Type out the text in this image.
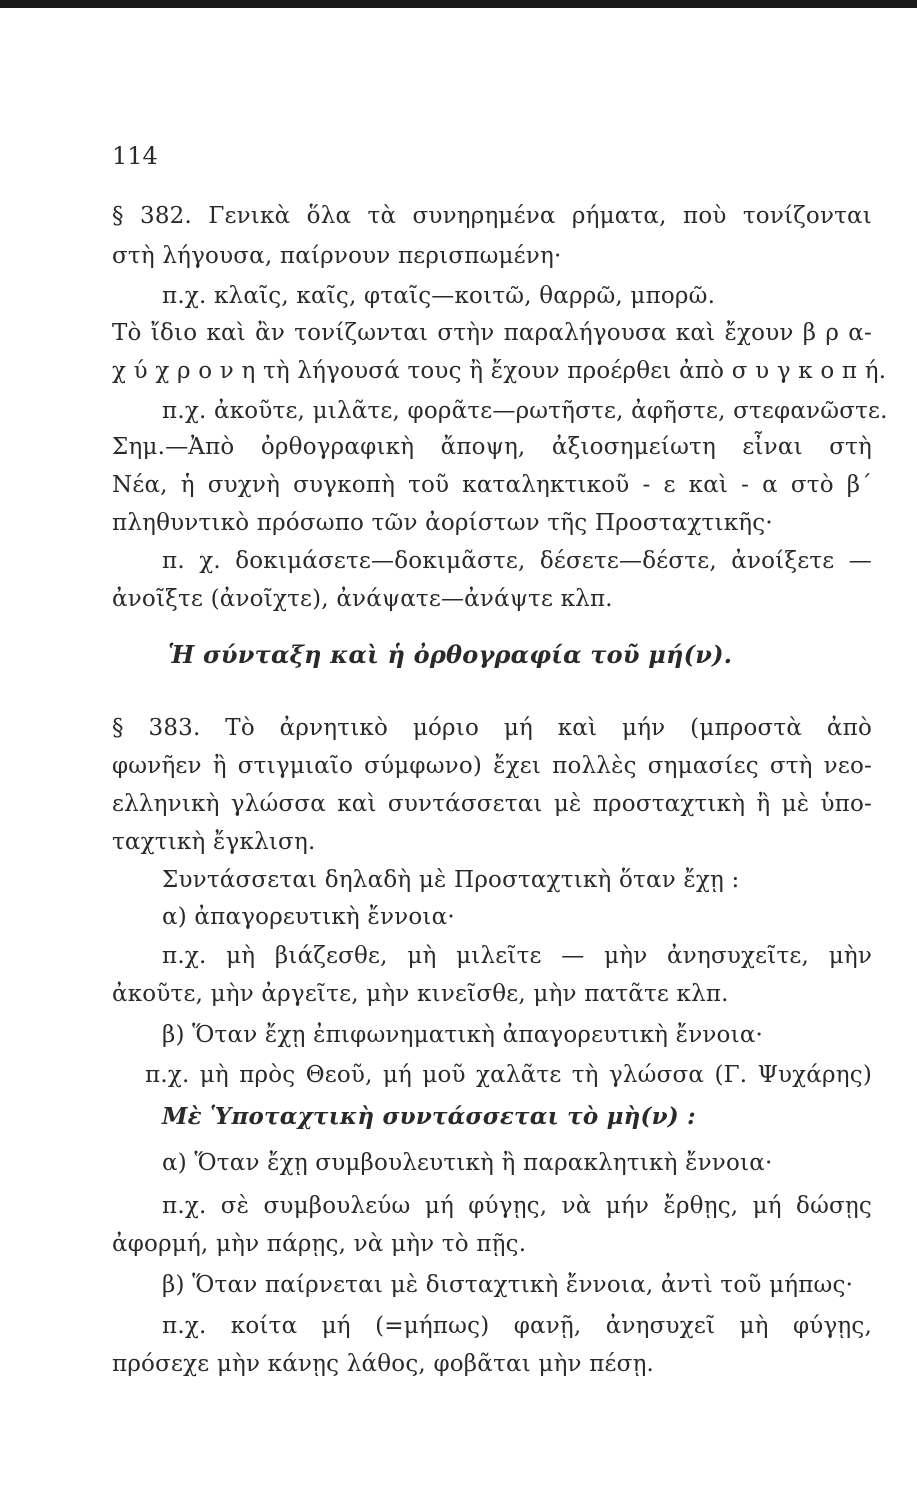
114
§ 382. Γενικὰ ὅλα τὰ συνηρημένα ρήματα, ποὺ τονίζονται
στὴ λήγουσα, παίρνουν περισπωμένη·
π.χ. κλαῖς, καῖς, φταῖς—κοιτῶ, θαρρῶ, μπορῶ.
Τὸ ἴδιο καὶ ἂν τονίζωνται στὴν παραλήγουσα καὶ ἔχουν β ρ α-
χ ύ χ ρ ο ν η τὴ λήγουσά τους ἢ ἔχουν προέρθει ἀπὸ σ υ γ κ ο π ή.
π.χ. ἀκοῦτε, μιλᾶτε, φορᾶτε—ρωτῆστε, ἀφῆστε, στεφανῶστε.
Σημ.—Ἀπὸ ὀρθογραφικὴ ἄποψη, ἀξιοσημείωτη εἶναι στὴ
Νέα, ἡ συχνὴ συγκοπὴ τοῦ καταληκτικοῦ - ε καὶ - α στὸ β΄
πληθυντικὸ πρόσωπο τῶν ἀορίστων τῆς Προσταχτικῆς·
π. χ. δοκιμάσετε—δοκιμᾶστε, δέσετε—δέστε, ἀνοίξετε —
ἀνοῖξτε (ἀνοῖχτε), ἀνάψατε—ἀνάψτε κλπ.
Ἡ σύνταξη καὶ ἡ ὀρθογραφία τοῦ μή(ν).
§ 383. Τὸ ἀρνητικὸ μόριο μή καὶ μήν (μπροστὰ ἀπὸ
φωνῆεν ἢ στιγμιαῖο σύμφωνο) ἔχει πολλὲς σημασίες στὴ νεο-
ελληνικὴ γλώσσα καὶ συντάσσεται μὲ προσταχτικὴ ἢ μὲ ὑπο-
ταχτικὴ ἔγκλιση.
Συντάσσεται δηλαδὴ μὲ Προσταχτικὴ ὅταν ἔχῃ :
α) ἀπαγορευτικὴ ἔννοια·
π.χ. μὴ βιάζεσθε, μὴ μιλεῖτε — μὴν ἀνησυχεῖτε, μὴν
ἀκοῦτε, μὴν ἀργεῖτε, μὴν κινεῖσθε, μὴν πατᾶτε κλπ.
β) Ὅταν ἔχῃ ἐπιφωνηματικὴ ἀπαγορευτικὴ ἔννοια·
π.χ. μὴ πρὸς Θεοῦ, μή μοῦ χαλᾶτε τὴ γλώσσα (Γ. Ψυχάρης)
Μὲ Ὑποταχτικὴ συντάσσεται τὸ μὴ(ν) :
α) Ὅταν ἔχῃ συμβουλευτικὴ ἢ παρακλητικὴ ἔννοια·
π.χ. σὲ συμβουλεύω μή φύγῃς, νὰ μήν ἔρθῃς, μή δώσῃς
ἀφορμή, μὴν πάρῃς, νὰ μὴν τὸ πῇς.
β) Ὅταν παίρνεται μὲ δισταχτικὴ ἔννοια, ἀντὶ τοῦ μήπως·
π.χ. κοίτα μή (=μήπως) φανῇ, ἀνησυχεῖ μὴ φύγῃς,
πρόσεχε μὴν κάνῃς λάθος, φοβᾶται μὴν πέσῃ.
